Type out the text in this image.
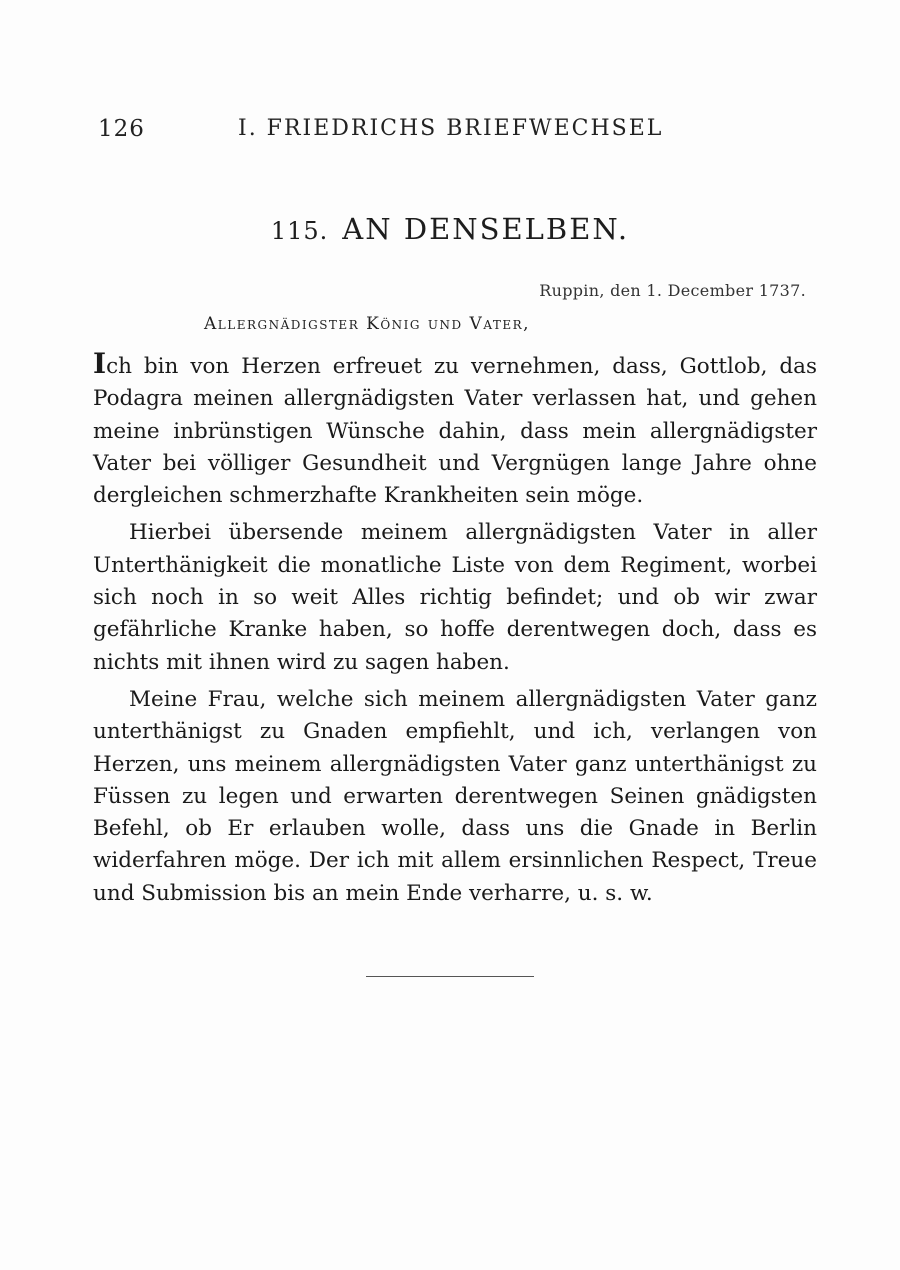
126	I. FRIEDRICHS BRIEFWECHSEL
115. AN DENSELBEN.
Ruppin, den 1. December 1737.
Allergnädigster König und Vater,

Ich bin von Herzen erfreuet zu vernehmen, dass, Gottlob, das Podagra meinen allergnädigsten Vater verlassen hat, und gehen meine inbrünstigen Wünsche dahin, dass mein allergnädigster Vater bei völliger Gesundheit und Vergnügen lange Jahre ohne dergleichen schmerzhafte Krankheiten sein möge.

Hierbei übersende meinem allergnädigsten Vater in aller Unterthänigkeit die monatliche Liste von dem Regiment, worbei sich noch in so weit Alles richtig befindet; und ob wir zwar gefährliche Kranke haben, so hoffe derentwegen doch, dass es nichts mit ihnen wird zu sagen haben.

Meine Frau, welche sich meinem allergnädigsten Vater ganz unterthänigst zu Gnaden empfiehlt, und ich, verlangen von Herzen, uns meinem allergnädigsten Vater ganz unterthänigst zu Füssen zu legen und erwarten derentwegen Seinen gnädigsten Befehl, ob Er erlauben wolle, dass uns die Gnade in Berlin widerfahren möge. Der ich mit allem ersinnlichen Respect, Treue und Submission bis an mein Ende verharre, u. s. w.
